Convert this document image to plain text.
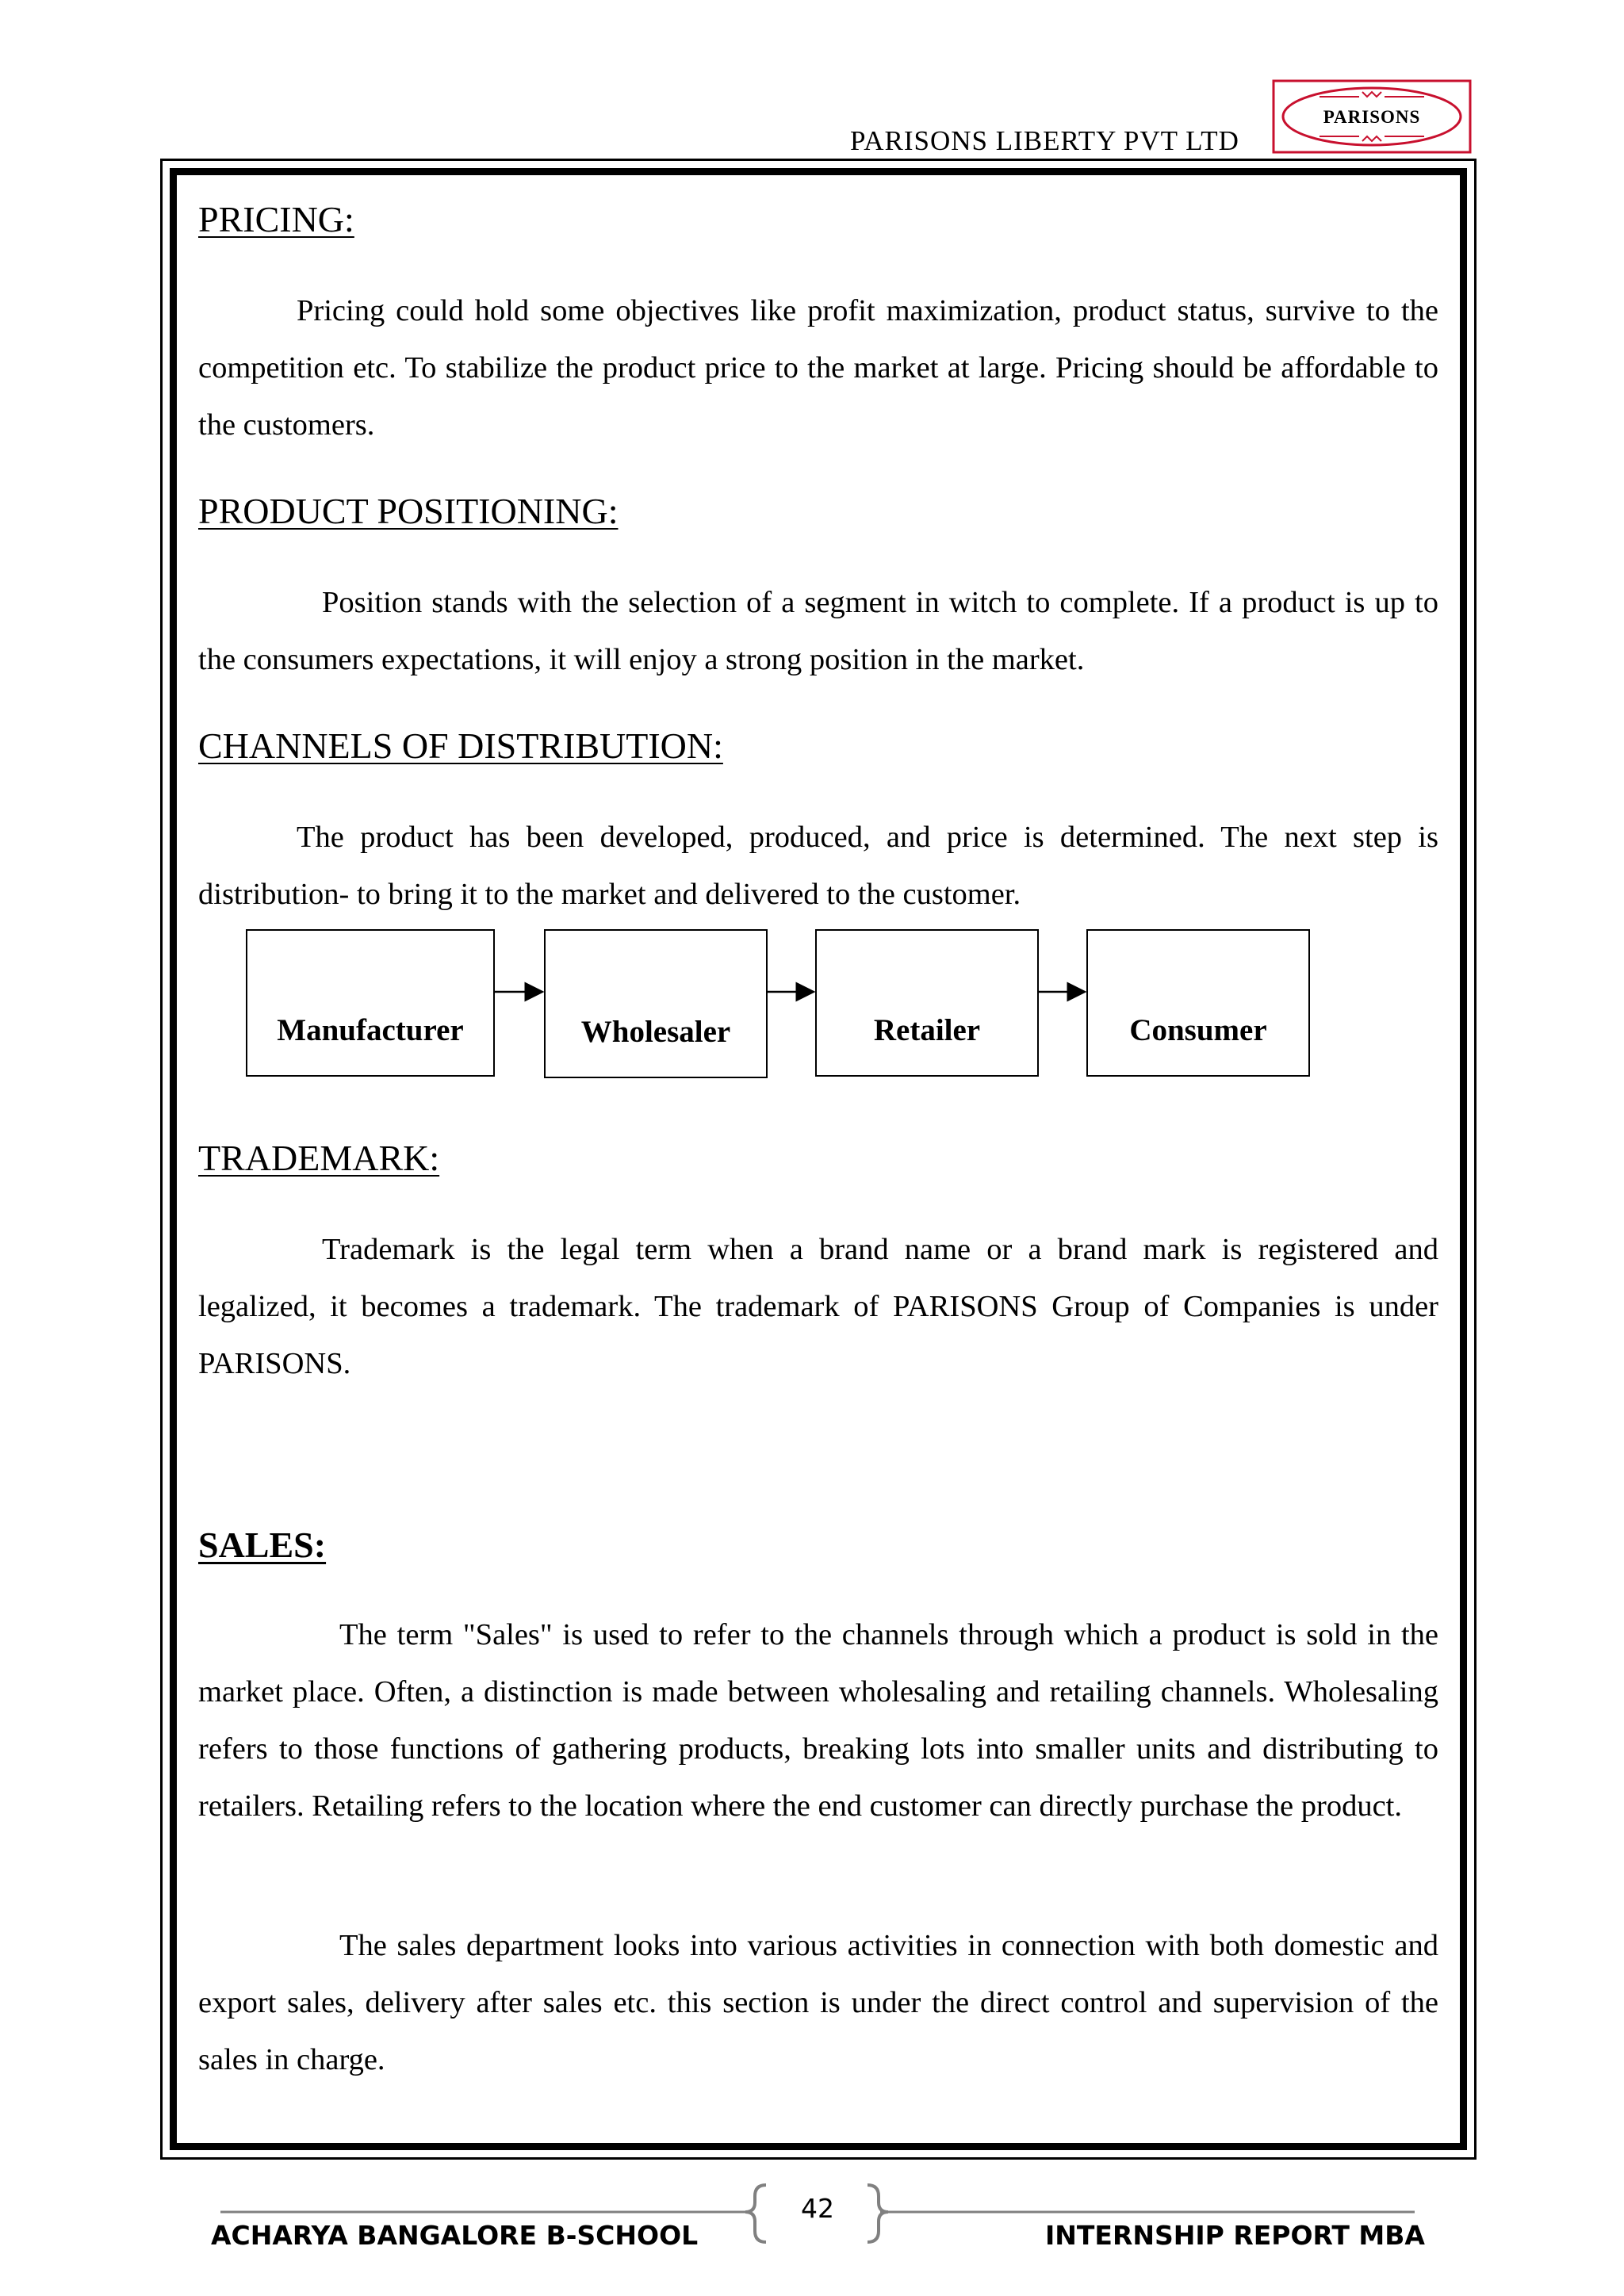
PARISONS LIBERTY PVT LTD
PARISONS
PRICING:

Pricing could hold some objectives like profit maximization, product status, survive to the competition etc. To stabilize the product price to the market at large. Pricing should be affordable to the customers.

PRODUCT POSITIONING:

Position stands with the selection of a segment in witch to complete. If a product is up to the consumers expectations, it will enjoy a strong position in the market.

CHANNELS OF DISTRIBUTION:

The product has been developed, produced, and price is determined. The next step is distribution- to bring it to the market and delivered to the customer.

Manufacturer	Wholesaler	Retailer	Consumer
TRADEMARK:

Trademark is the legal term when a brand name or a brand mark is registered and legalized, it becomes a trademark. The trademark of PARISONS Group of Companies is under PARISONS.

SALES:

The term "Sales" is used to refer to the channels through which a product is sold in the market place. Often, a distinction is made between wholesaling and retailing channels. Wholesaling refers to those functions of gathering products, breaking lots into smaller units and distributing to retailers. Retailing refers to the location where the end customer can directly purchase the product.

The sales department looks into various activities in connection with both domestic and export sales, delivery after sales etc. this section is under the direct control and supervision of the sales in charge.

42
ACHARYA BANGALORE B-SCHOOL	INTERNSHIP REPORT MBA
